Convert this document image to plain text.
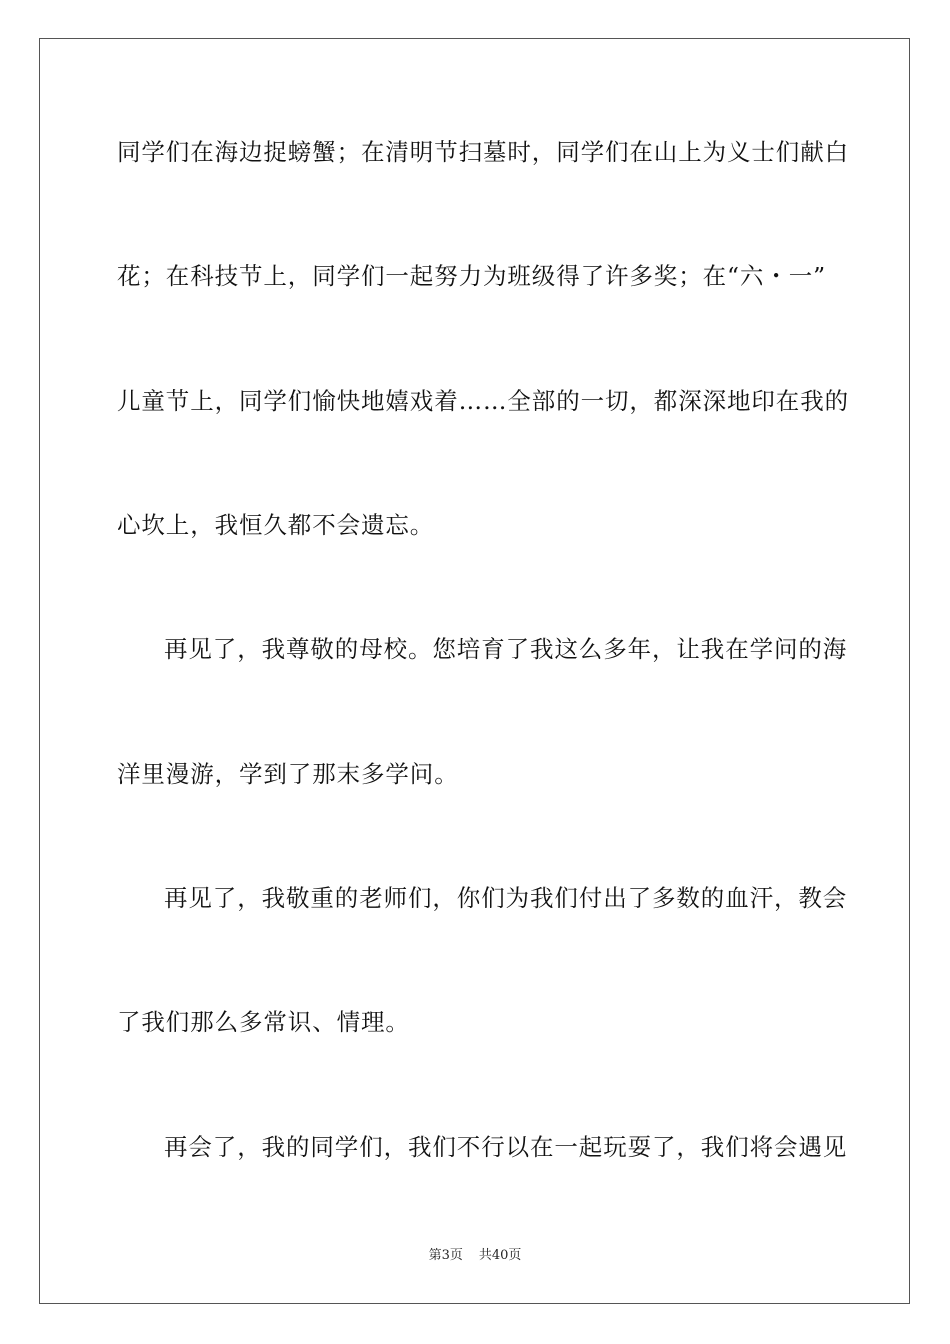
同学们在海边捉螃蟹；在清明节扫墓时，同学们在山上为义士们献白
花；在科技节上，同学们一起努力为班级得了许多奖；在“六・一”
儿童节上，同学们愉快地嬉戏着……全部的一切，都深深地印在我的
心坎上，我恒久都不会遗忘。
再见了，我尊敬的母校。您培育了我这么多年，让我在学问的海
洋里漫游，学到了那末多学问。
再见了，我敬重的老师们，你们为我们付出了多数的血汗，教会
了我们那么多常识、情理。
再会了，我的同学们，我们不行以在一起玩耍了，我们将会遇见
第3页 共40页
